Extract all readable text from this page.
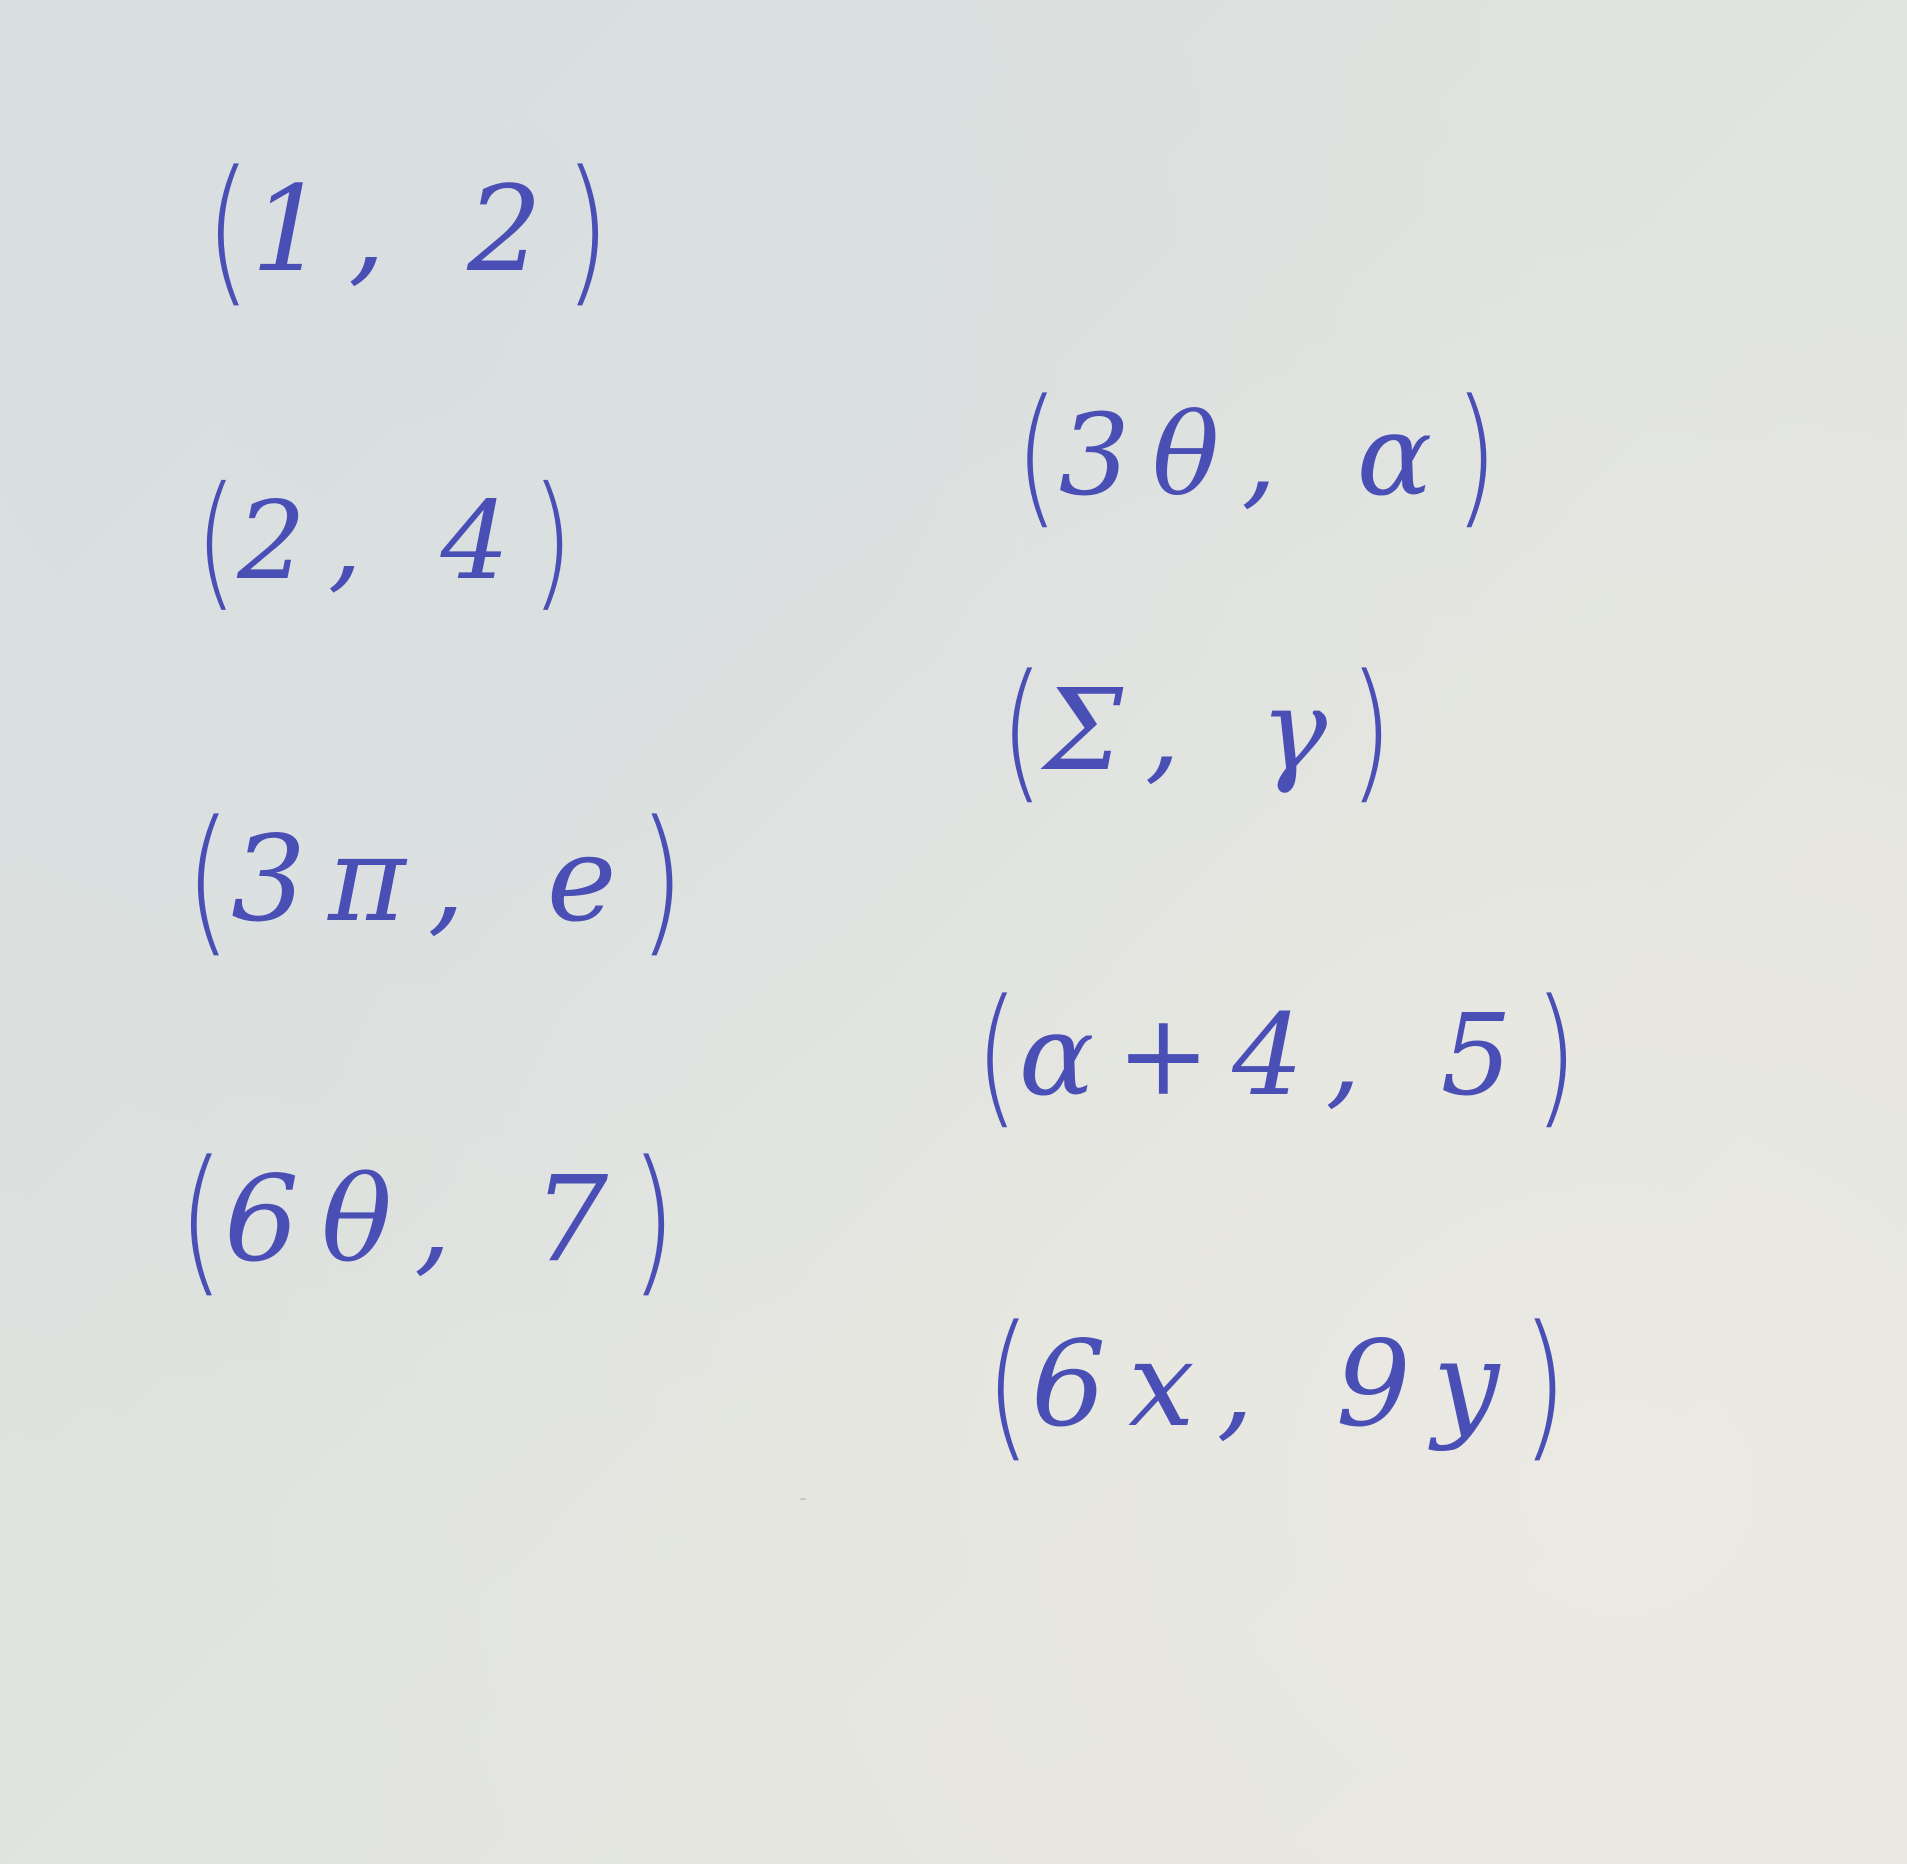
(1, 2)
(2, 4)
(3π, e)
(6θ, 7)
(3θ, α)
(Σ, γ)
(α+4, 5)
(6x, 9y)
